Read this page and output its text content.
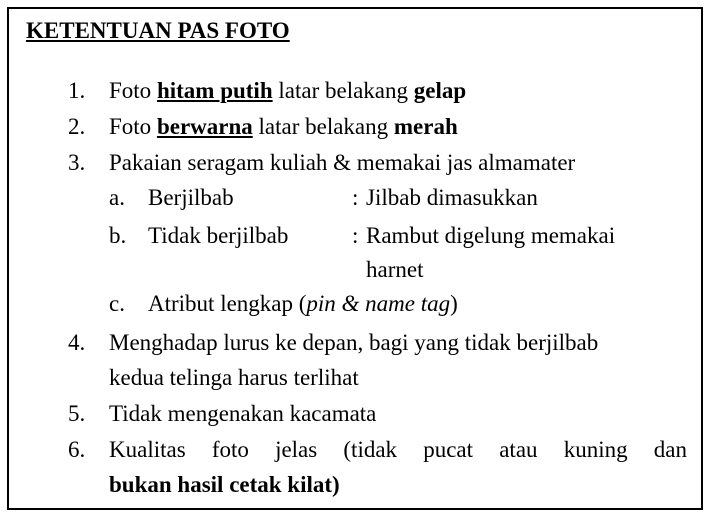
KETENTUAN PAS FOTO
1. Foto hitam putih latar belakang gelap
2. Foto berwarna latar belakang merah
3. Pakaian seragam kuliah & memakai jas almamater
a. Berjilbab	: Jilbab dimasukkan
b. Tidak berjilbab	: Rambut digelung memakai
harnet
c. Atribut lengkap (pin & name tag)
4. Menghadap lurus ke depan, bagi yang tidak berjilbab
kedua telinga harus terlihat
5. Tidak mengenakan kacamata
6. Kualitas foto jelas (tidak pucat atau kuning dan
bukan hasil cetak kilat)
